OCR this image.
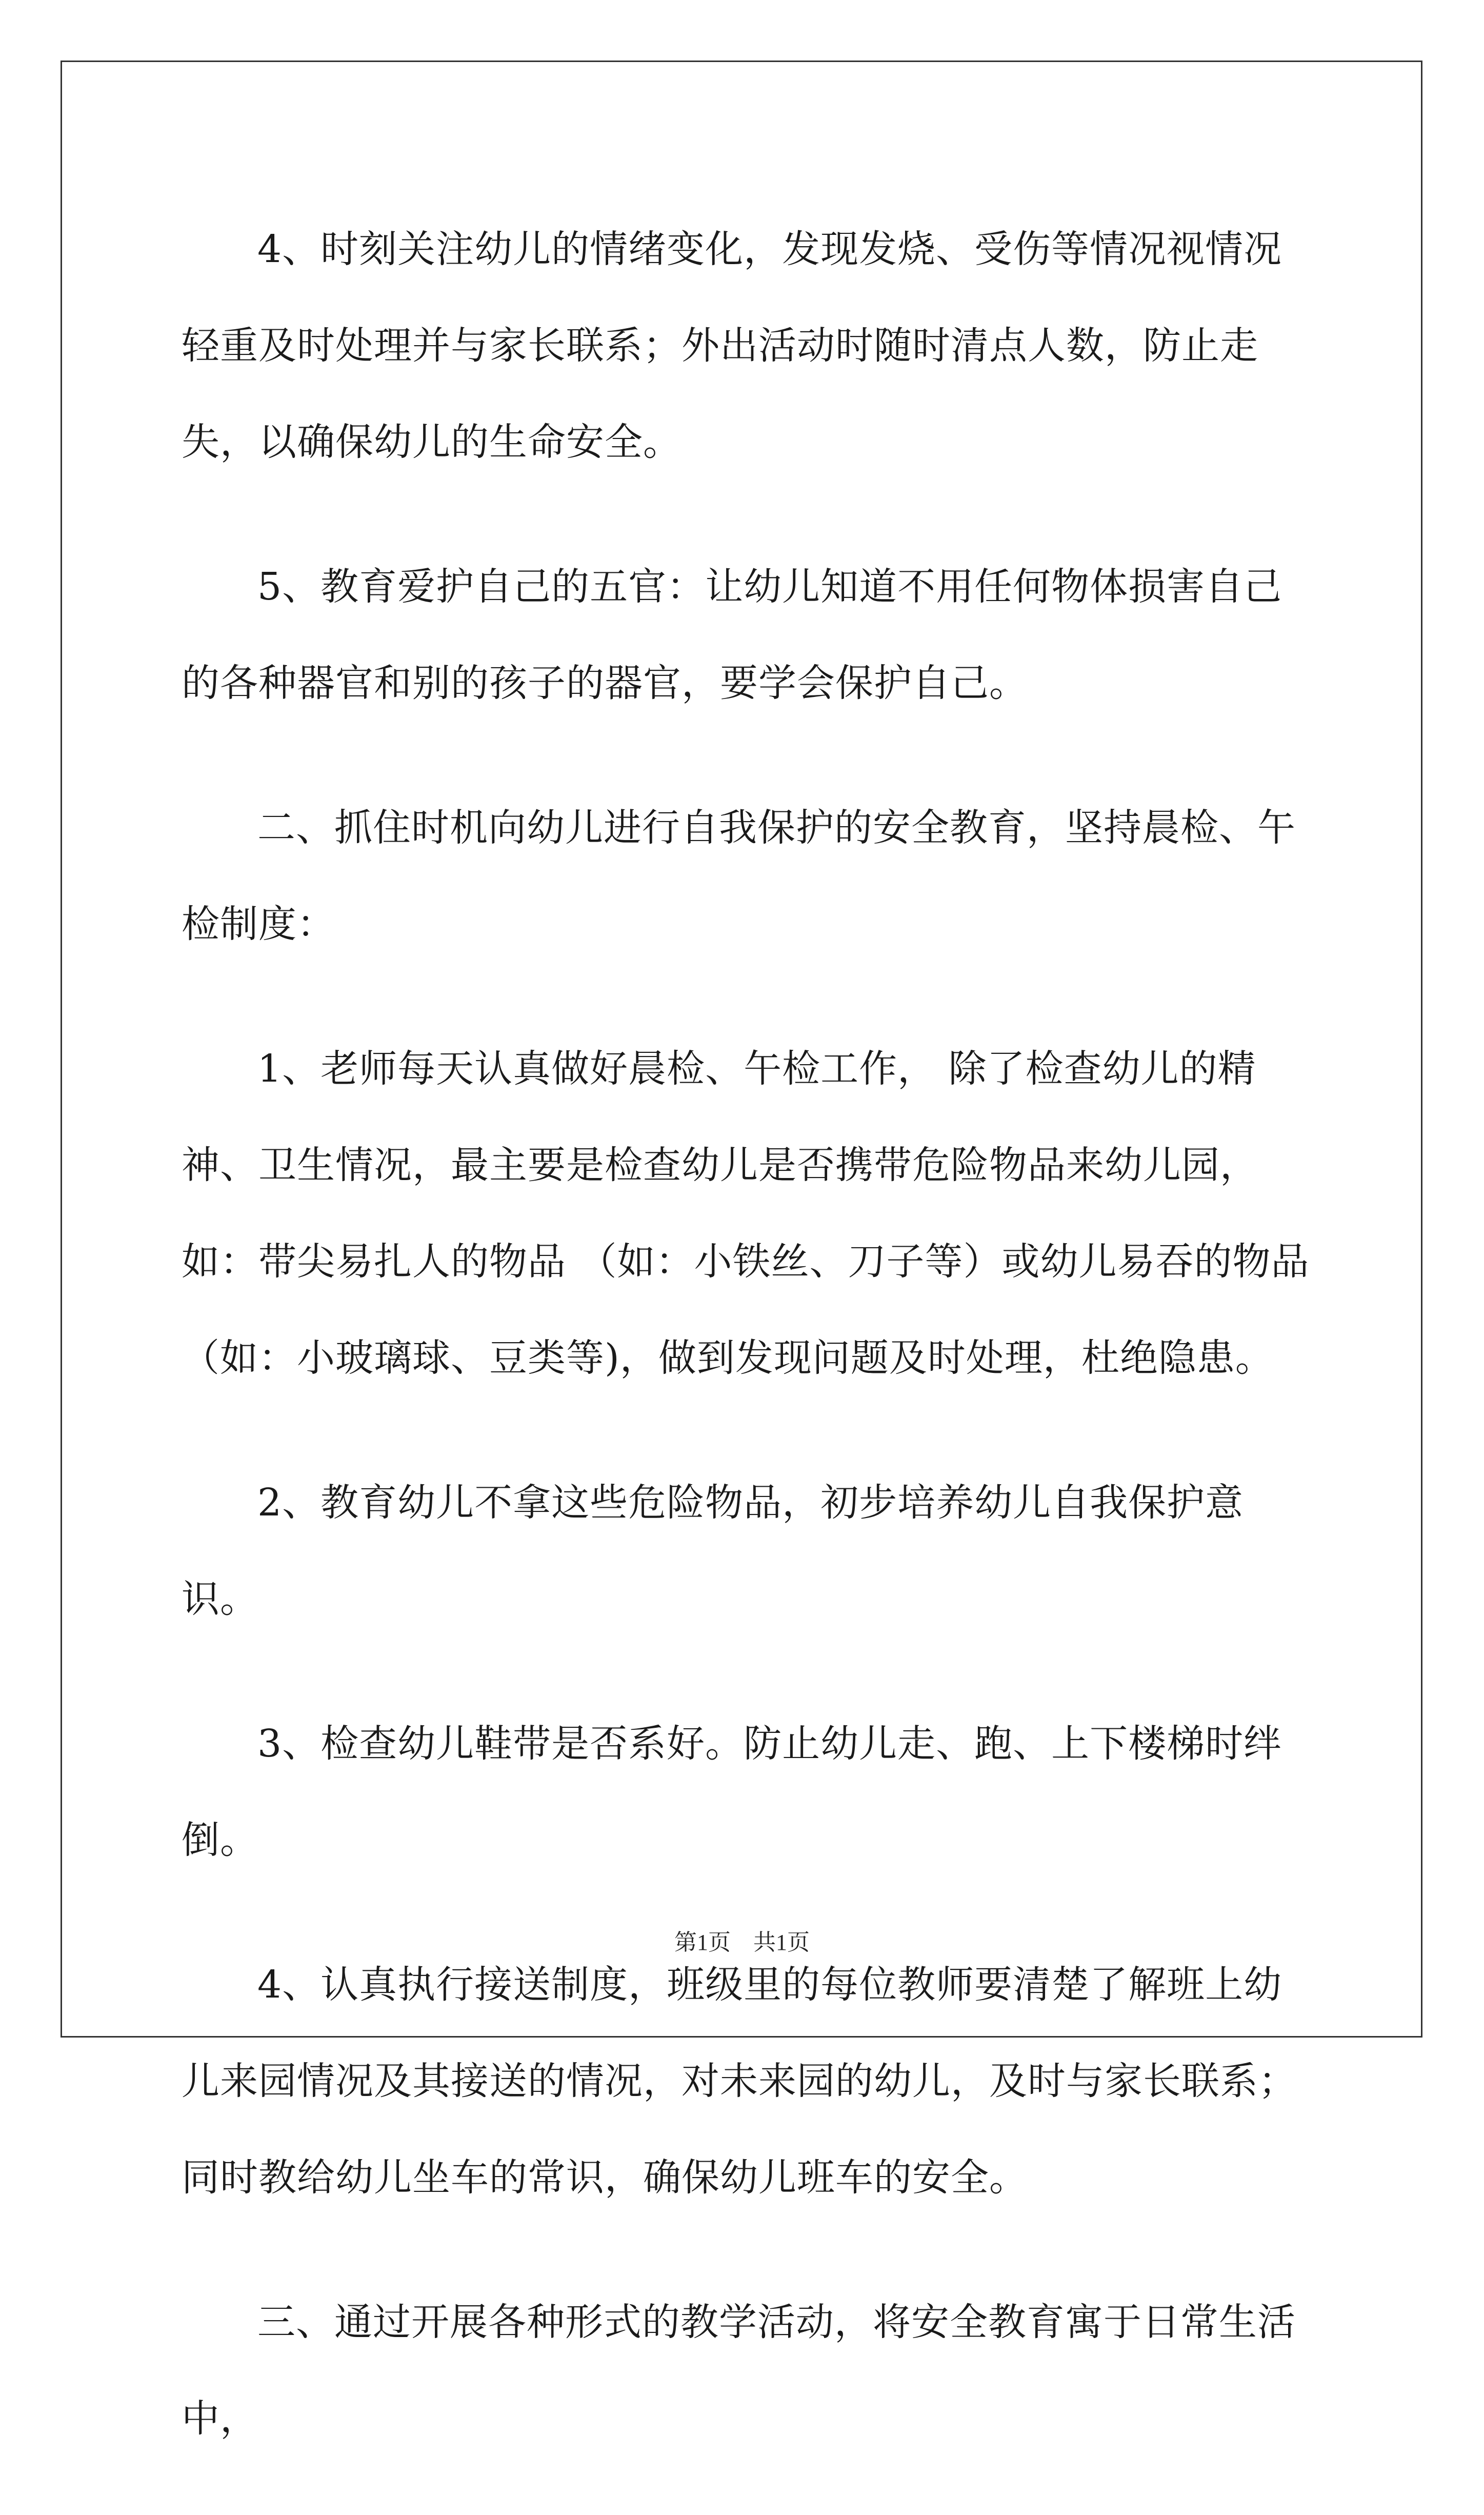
4、时刻关注幼儿的情绪变化，发现发烧、受伤等情况视情况轻重及时处理并与家长联系；外出活动时随时清点人数，防止走失，以确保幼儿的生命安全。

5、教育爱护自己的五官：让幼儿知道不用任何物体损害自己的各种器官和别的孩子的器官，要学会保护自己。

二、抓住时机向幼儿进行自我保护的安全教育，坚持晨检、午检制度：

1、老师每天认真做好晨检、午检工作， 除了检查幼儿的精神、卫生情况，最主要是检查幼儿是否携带危险物品来幼儿园，如：带尖易扎人的物品 （如：小铁丝、刀子等）或幼儿易吞的物品（如：小玻璃球、豆类等)，做到发现问题及时处理，杜绝隐患。

2、教育幼儿不拿这些危险物品，初步培养幼儿自我保护意识。

3、检查幼儿鞋带是否系好。防止幼儿走、跑、上下楼梯时绊倒。

4、认真执行接送制度，班级里的每位教师要清楚了解班上幼儿来园情况及其接送的情况，对未来园的幼儿，及时与家长联系；同时教给幼儿坐车的常识，确保幼儿班车的安全。

三、通过开展各种形式的教学活动，将安全教育寓于日常生活中，

第1页　共1页
